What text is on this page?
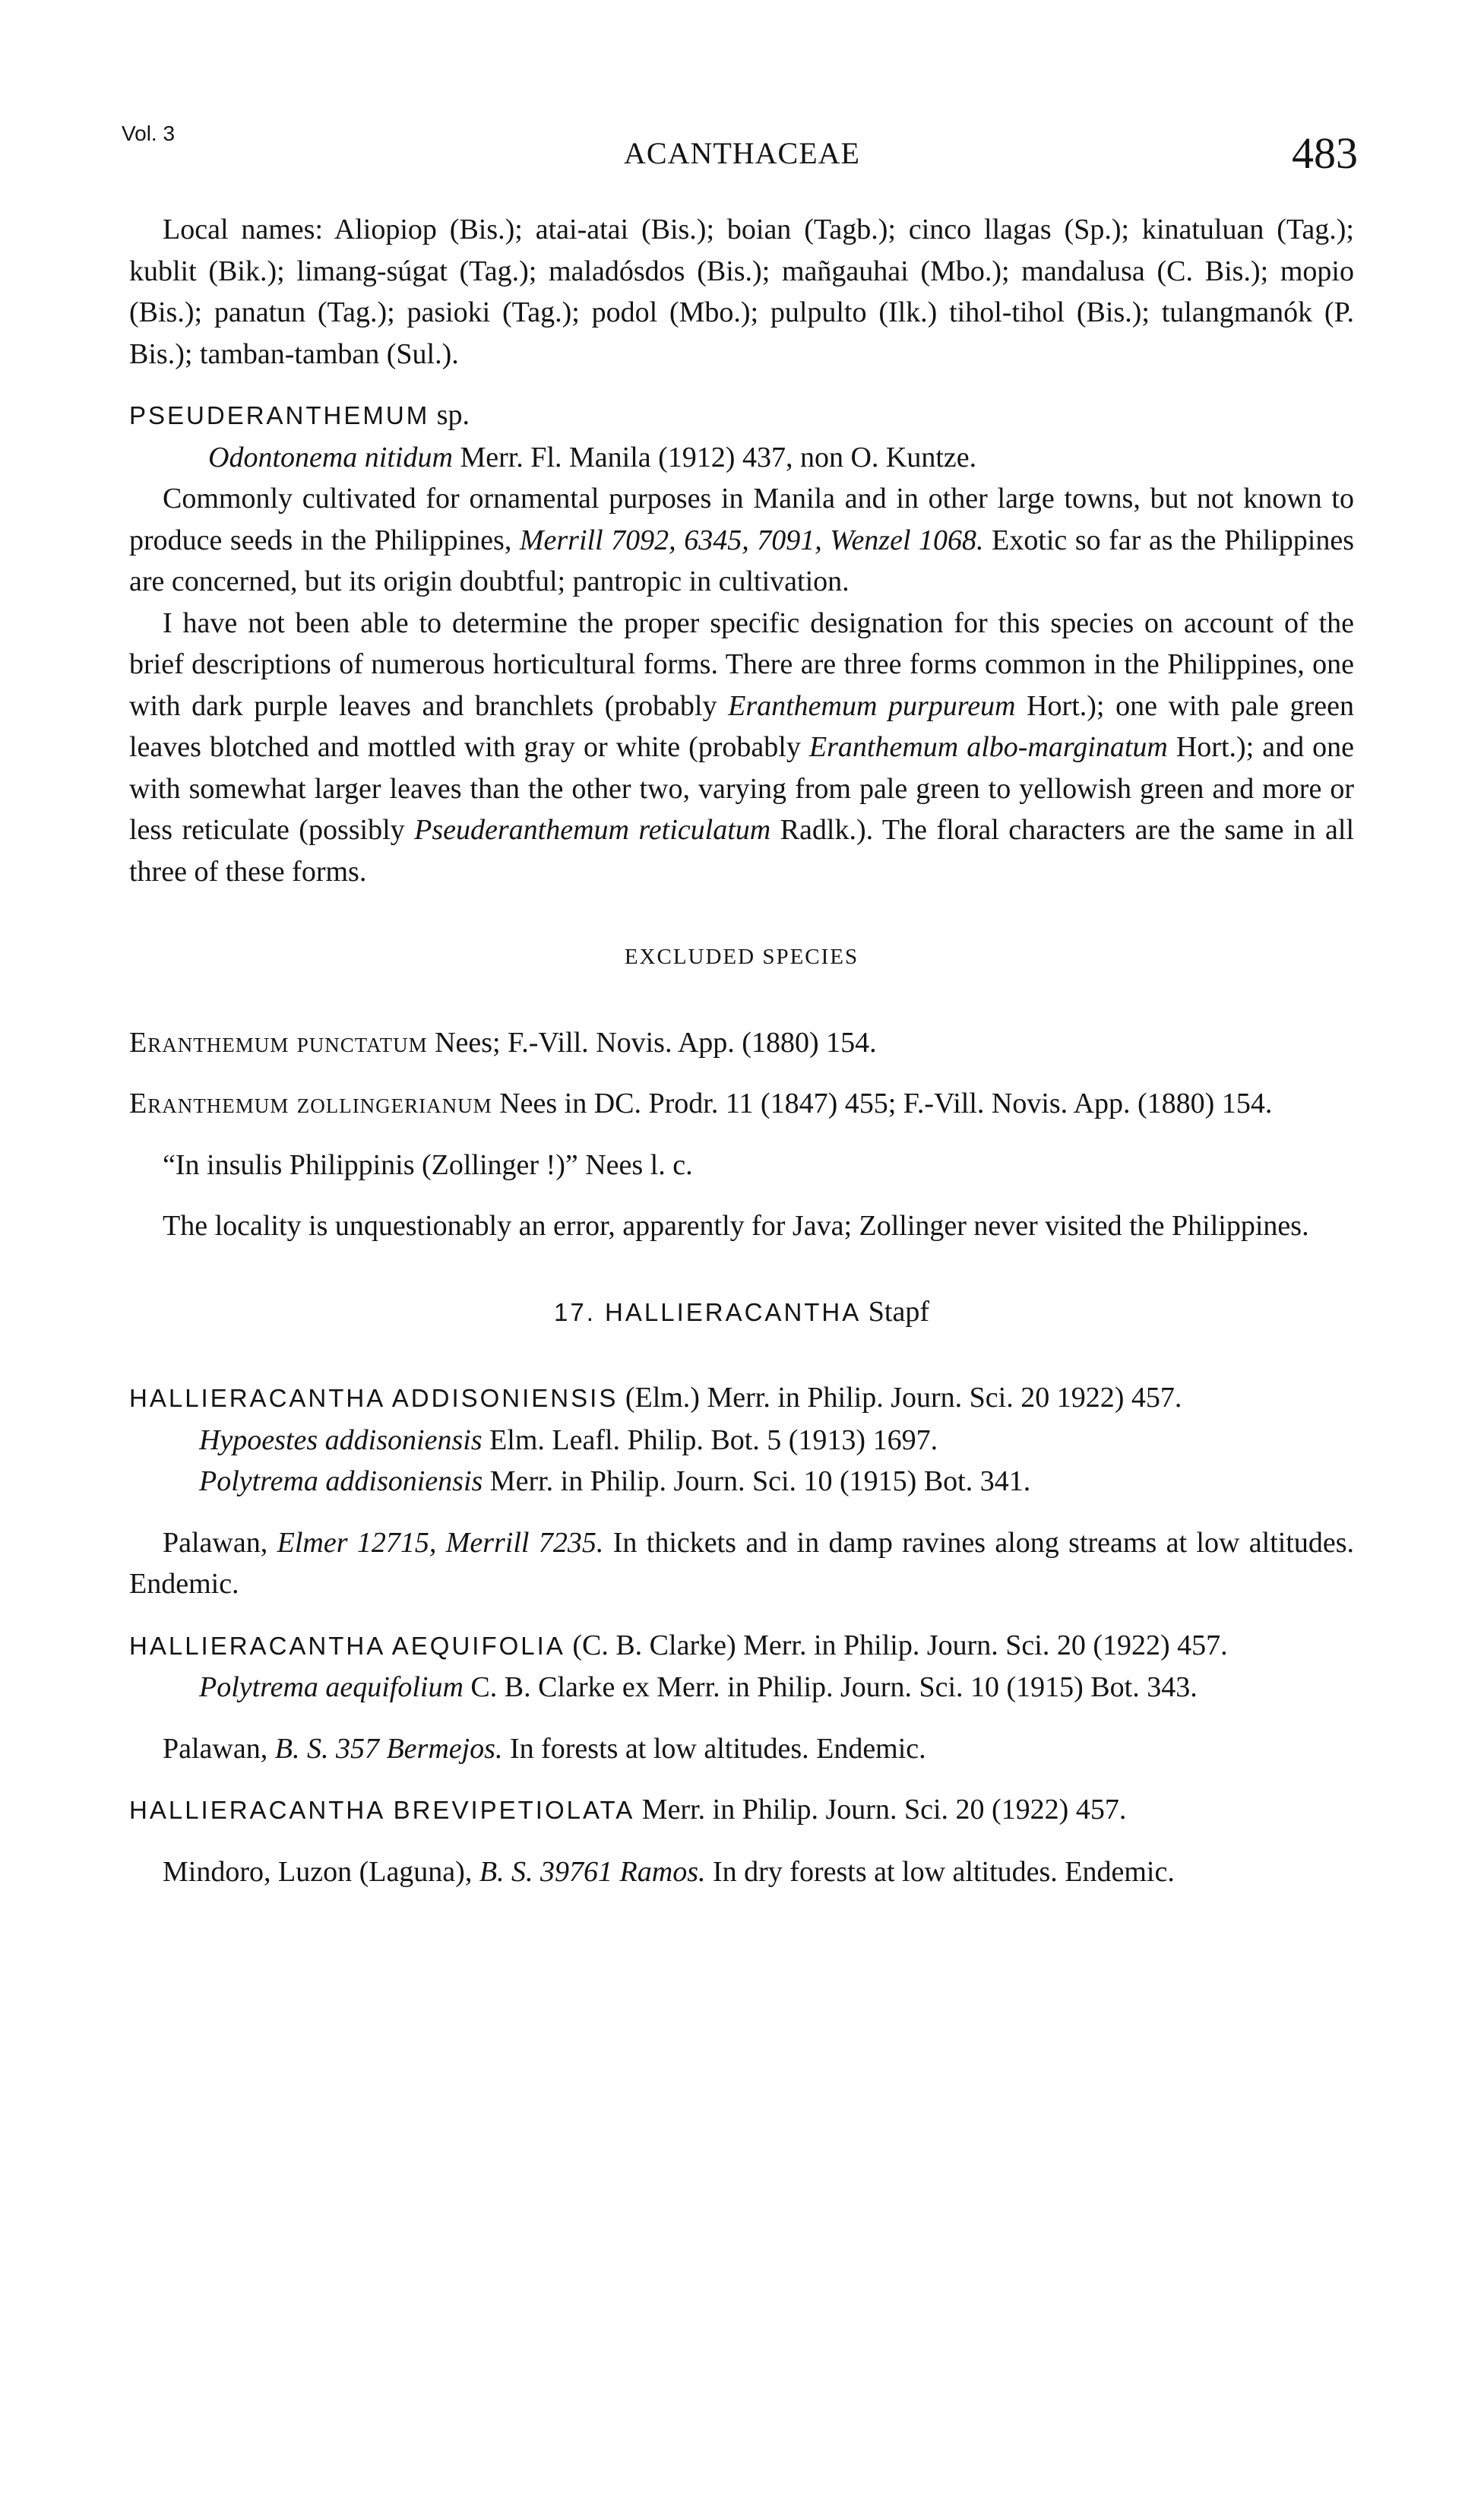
Vol. 3
ACANTHACEAE	483

Local names: Aliopiop (Bis.); atai-atai (Bis.); boian (Tagb.); cinco llagas (Sp.); kinatuluan (Tag.); kublit (Bik.); limang-súgat (Tag.); maladósdos (Bis.); mañgauhai (Mbo.); mandalusa (C. Bis.); mopio (Bis.); panatun (Tag.); pasioki (Tag.); podol (Mbo.); pulpulto (Ilk.) tihol-tihol (Bis.); tulangmanók (P. Bis.); tamban-tamban (Sul.).

PSEUDERANTHEMUM sp.

Odontonema nitidum Merr. Fl. Manila (1912) 437, non O. Kuntze.

Commonly cultivated for ornamental purposes in Manila and in other large towns, but not known to produce seeds in the Philippines, Merrill 7092, 6345, 7091, Wenzel 1068. Exotic so far as the Philippines are concerned, but its origin doubtful; pantropic in cultivation.

I have not been able to determine the proper specific designation for this species on account of the brief descriptions of numerous horticultural forms. There are three forms common in the Philippines, one with dark purple leaves and branchlets (probably Eranthemum purpureum Hort.); one with pale green leaves blotched and mottled with gray or white (probably Eranthemum albo-marginatum Hort.); and one with somewhat larger leaves than the other two, varying from pale green to yellowish green and more or less reticulate (possibly Pseuderanthemum reticulatum Radlk.). The floral characters are the same in all three of these forms.

EXCLUDED SPECIES

Eranthemum punctatum Nees; F.-Vill. Novis. App. (1880) 154.

Eranthemum zollingerianum Nees in DC. Prodr. 11 (1847) 455; F.-Vill. Novis. App. (1880) 154.

“In insulis Philippinis (Zollinger !)” Nees l. c.

The locality is unquestionably an error, apparently for Java; Zollinger never visited the Philippines.

17. HALLIERACANTHA Stapf

HALLIERACANTHA ADDISONIENSIS (Elm.) Merr. in Philip. Journ. Sci. 20 1922) 457.

Hypoestes addisoniensis Elm. Leafl. Philip. Bot. 5 (1913) 1697.

Polytrema addisoniensis Merr. in Philip. Journ. Sci. 10 (1915) Bot. 341.

Palawan, Elmer 12715, Merrill 7235. In thickets and in damp ravines along streams at low altitudes. Endemic.

HALLIERACANTHA AEQUIFOLIA (C. B. Clarke) Merr. in Philip. Journ. Sci. 20 (1922) 457.

Polytrema aequifolium C. B. Clarke ex Merr. in Philip. Journ. Sci. 10 (1915) Bot. 343.

Palawan, B. S. 357 Bermejos. In forests at low altitudes. Endemic.

HALLIERACANTHA BREVIPETIOLATA Merr. in Philip. Journ. Sci. 20 (1922) 457.

Mindoro, Luzon (Laguna), B. S. 39761 Ramos. In dry forests at low altitudes. Endemic.
